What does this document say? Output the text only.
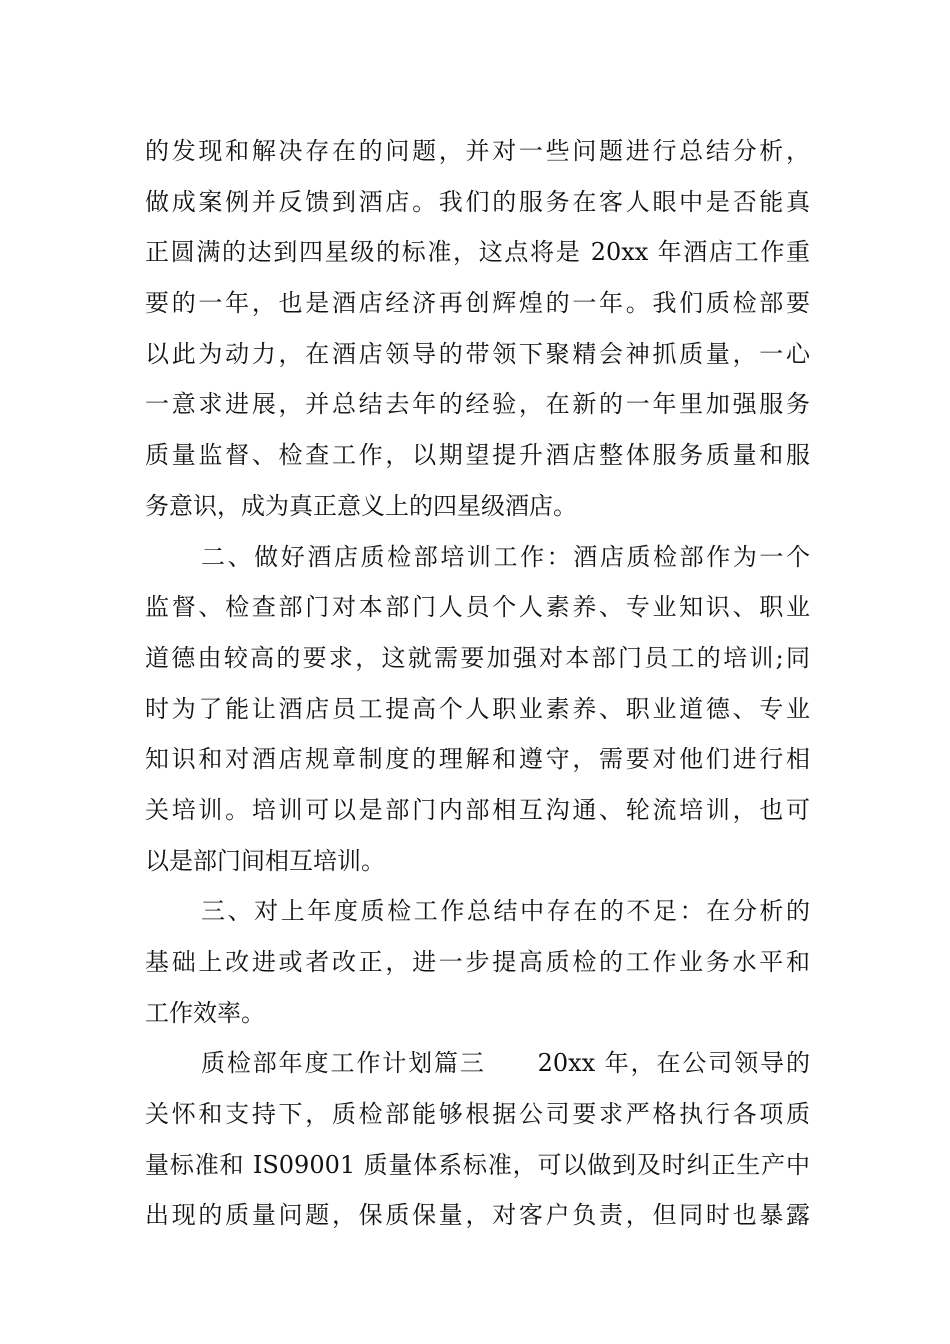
的发现和解决存在的问题，并对一些问题进行总结分析，
做成案例并反馈到酒店。我们的服务在客人眼中是否能真
正圆满的达到四星级的标准，这点将是 20xx 年酒店工作重
要的一年，也是酒店经济再创辉煌的一年。我们质检部要
以此为动力，在酒店领导的带领下聚精会神抓质量，一心
一意求进展，并总结去年的经验，在新的一年里加强服务
质量监督、检查工作，以期望提升酒店整体服务质量和服
务意识，成为真正意义上的四星级酒店。
二、做好酒店质检部培训工作：酒店质检部作为一个
监督、检查部门对本部门人员个人素养、专业知识、职业
道德由较高的要求，这就需要加强对本部门员工的培训;同
时为了能让酒店员工提高个人职业素养、职业道德、专业
知识和对酒店规章制度的理解和遵守，需要对他们进行相
关培训。培训可以是部门内部相互沟通、轮流培训，也可
以是部门间相互培训。
三、对上年度质检工作总结中存在的不足：在分析的
基础上改进或者改正，进一步提高质检的工作业务水平和
工作效率。
质检部年度工作计划篇三　　20xx 年，在公司领导的
关怀和支持下，质检部能够根据公司要求严格执行各项质
量标准和 IS09001 质量体系标准，可以做到及时纠正生产中
出现的质量问题，保质保量，对客户负责，但同时也暴露
